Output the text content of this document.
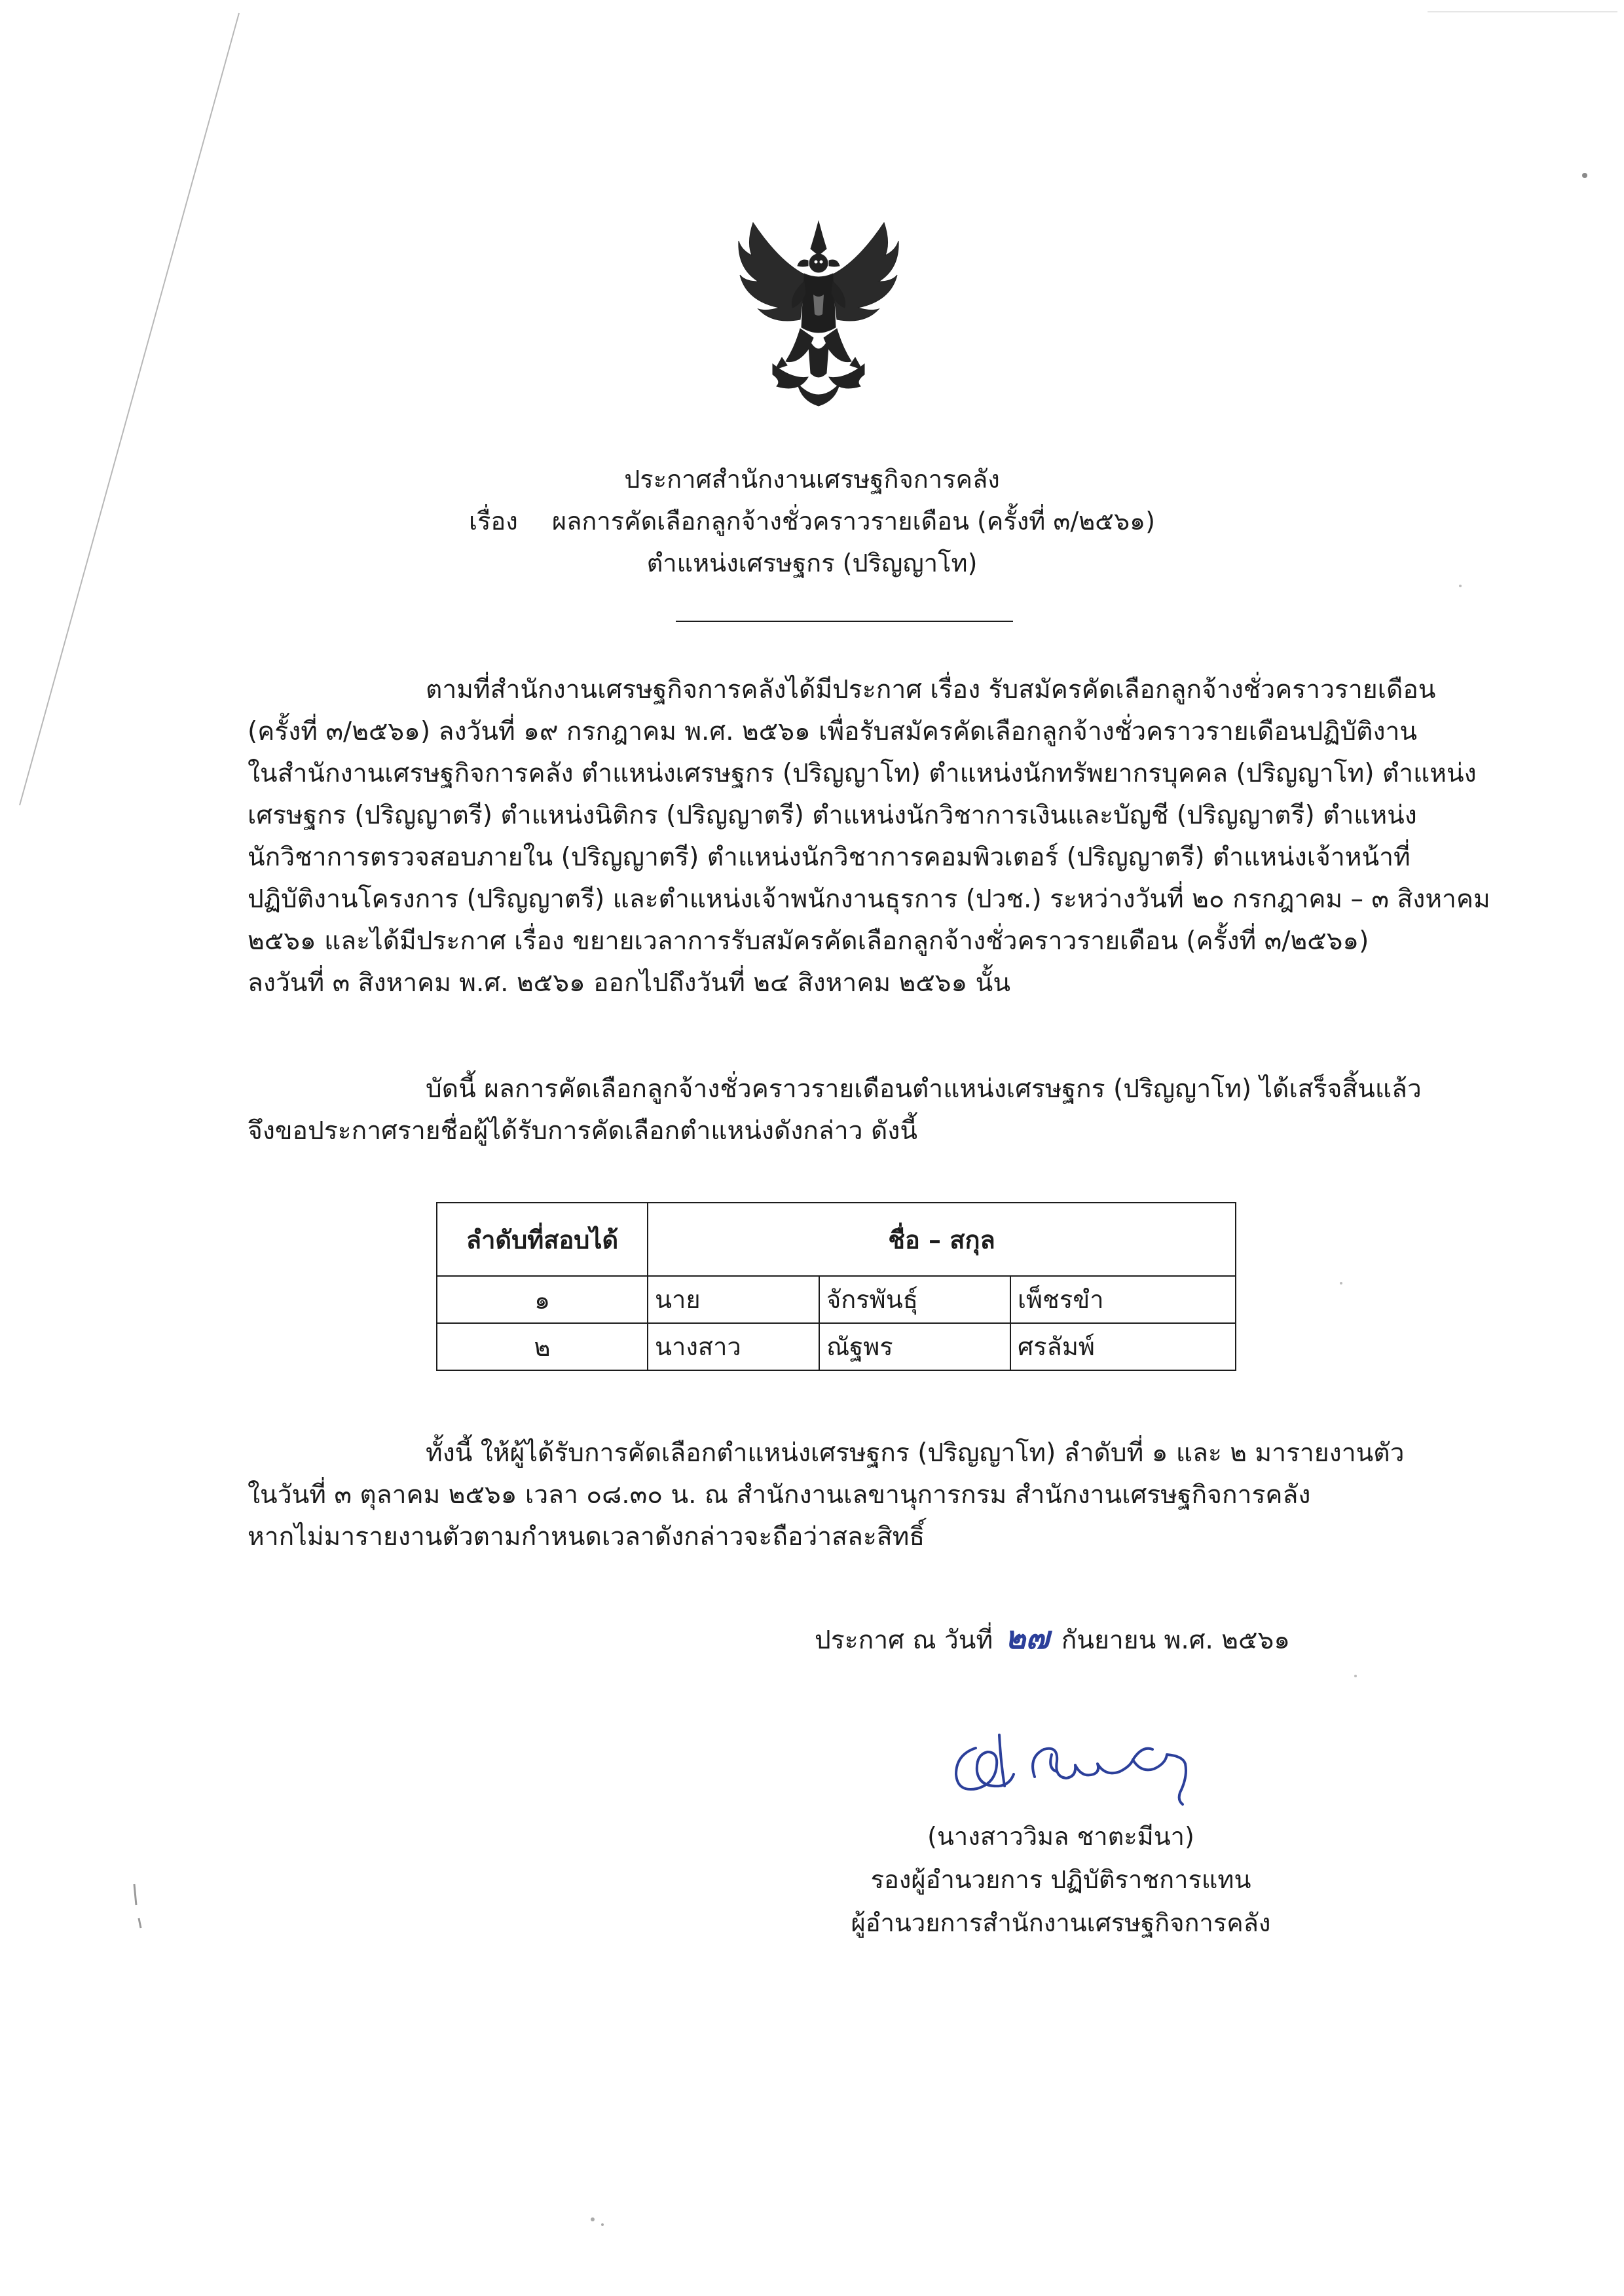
ประกาศสำนักงานเศรษฐกิจการคลัง
เรื่อง ผลการคัดเลือกลูกจ้างชั่วคราวรายเดือน (ครั้งที่ ๓/๒๕๖๑)
ตำแหน่งเศรษฐกร (ปริญญาโท)
ตามที่สำนักงานเศรษฐกิจการคลังได้มีประกาศ เรื่อง รับสมัครคัดเลือกลูกจ้างชั่วคราวรายเดือน
(ครั้งที่ ๓/๒๕๖๑) ลงวันที่ ๑๙ กรกฎาคม พ.ศ. ๒๕๖๑ เพื่อรับสมัครคัดเลือกลูกจ้างชั่วคราวรายเดือนปฏิบัติงาน
ในสำนักงานเศรษฐกิจการคลัง ตำแหน่งเศรษฐกร (ปริญญาโท) ตำแหน่งนักทรัพยากรบุคคล (ปริญญาโท) ตำแหน่ง
เศรษฐกร (ปริญญาตรี) ตำแหน่งนิติกร (ปริญญาตรี) ตำแหน่งนักวิชาการเงินและบัญชี (ปริญญาตรี) ตำแหน่ง
นักวิชาการตรวจสอบภายใน (ปริญญาตรี) ตำแหน่งนักวิชาการคอมพิวเตอร์ (ปริญญาตรี) ตำแหน่งเจ้าหน้าที่
ปฏิบัติงานโครงการ (ปริญญาตรี) และตำแหน่งเจ้าพนักงานธุรการ (ปวช.) ระหว่างวันที่ ๒๐ กรกฎาคม – ๓ สิงหาคม
๒๕๖๑ และได้มีประกาศ เรื่อง ขยายเวลาการรับสมัครคัดเลือกลูกจ้างชั่วคราวรายเดือน (ครั้งที่ ๓/๒๕๖๑)
ลงวันที่ ๓ สิงหาคม พ.ศ. ๒๕๖๑ ออกไปถึงวันที่ ๒๔ สิงหาคม ๒๕๖๑ นั้น
บัดนี้ ผลการคัดเลือกลูกจ้างชั่วคราวรายเดือนตำแหน่งเศรษฐกร (ปริญญาโท) ได้เสร็จสิ้นแล้ว
จึงขอประกาศรายชื่อผู้ได้รับการคัดเลือกตำแหน่งดังกล่าว ดังนี้
ลำดับที่สอบได้	ชื่อ – สกุล
๑	นาย จักรพันธุ์ เพ็ชรขำ

๒	นางสาว ณัฐพร ศรลัมพ์
ทั้งนี้ ให้ผู้ได้รับการคัดเลือกตำแหน่งเศรษฐกร (ปริญญาโท) ลำดับที่ ๑ และ ๒ มารายงานตัว
ในวันที่ ๓ ตุลาคม ๒๕๖๑ เวลา ๐๘.๓๐ น. ณ สำนักงานเลขานุการกรม สำนักงานเศรษฐกิจการคลัง
หากไม่มารายงานตัวตามกำหนดเวลาดังกล่าวจะถือว่าสละสิทธิ์
ประกาศ ณ วันที่ ๒๗ กันยายน พ.ศ. ๒๕๖๑
(นางสาววิมล ชาตะมีนา)
รองผู้อำนวยการ ปฏิบัติราชการแทน
ผู้อำนวยการสำนักงานเศรษฐกิจการคลัง
